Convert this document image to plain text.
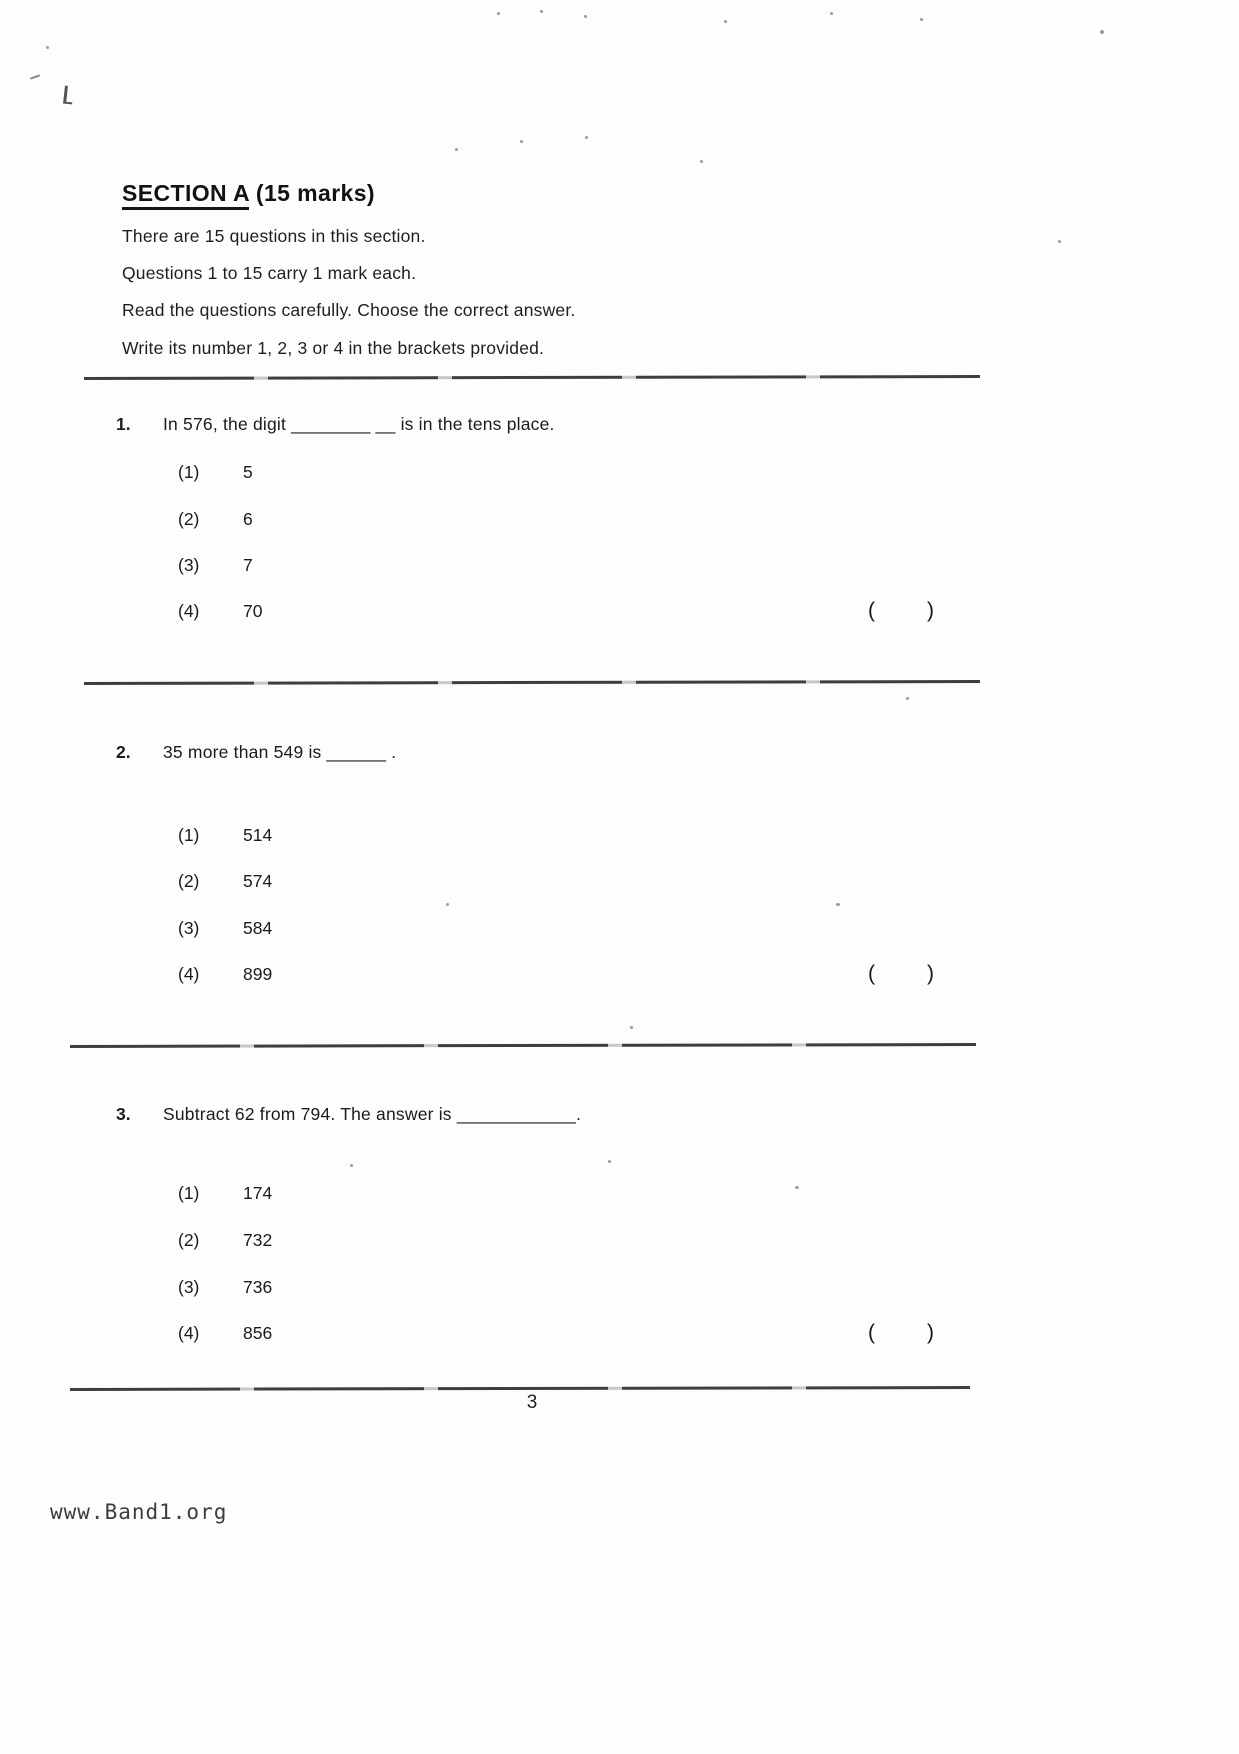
SECTION A (15 marks)

There are 15 questions in this section.

Questions 1 to 15 carry 1 mark each.

Read the questions carefully. Choose the correct answer.

Write its number 1, 2, 3 or 4 in the brackets provided.

1. In 576, the digit ________ __ is in the tens place.
(1) 5
(2) 6
(3) 7
(4) 70	( )
2. 35 more than 549 is ______ .
(1) 514
(2) 574
(3) 584
(4) 899	( )
3. Subtract 62 from 794. The answer is ____________.
(1) 174
(2) 732
(3) 736
(4) 856	( )
3
www.Band1.org
